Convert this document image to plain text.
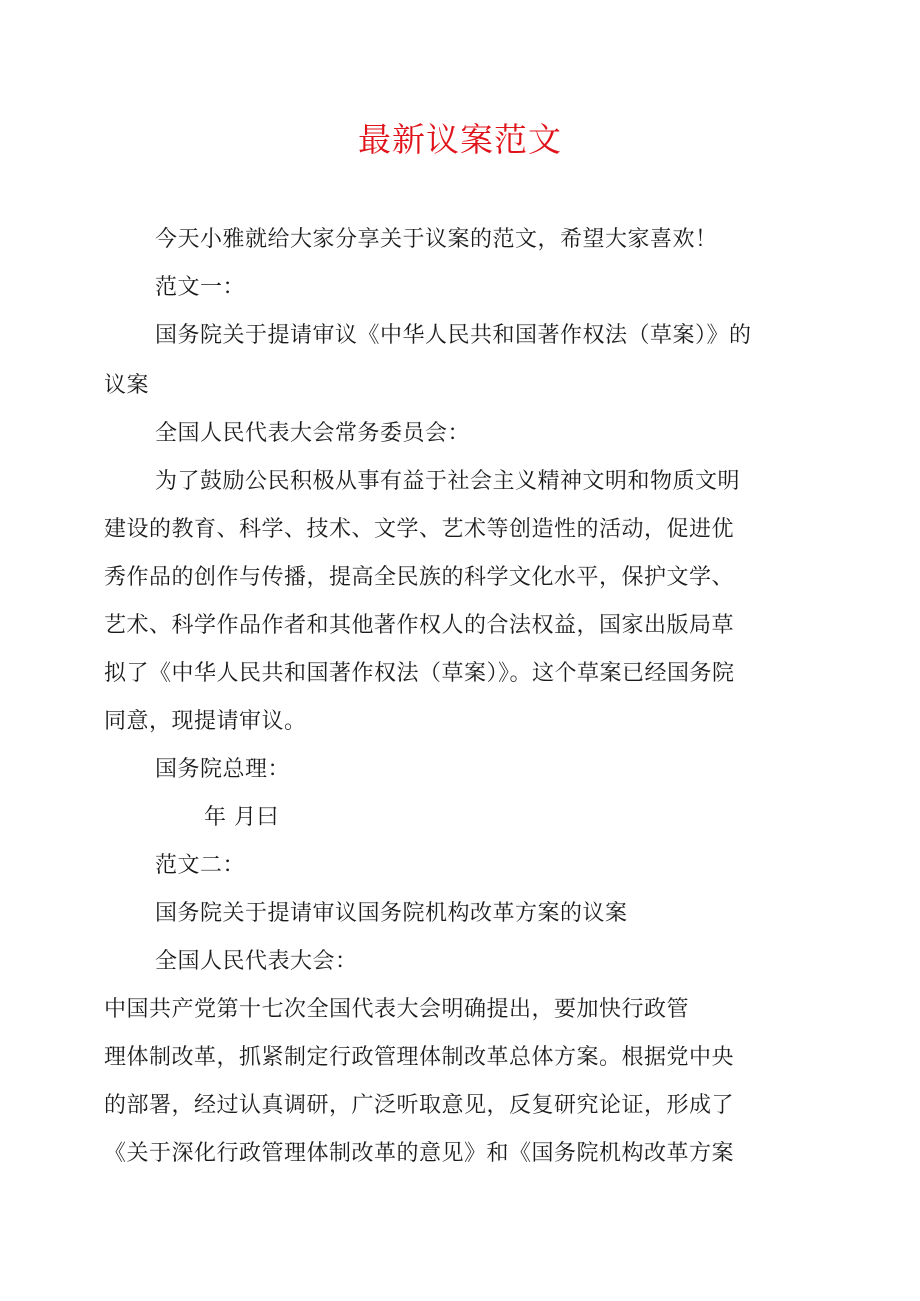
最新议案范文
今天小雅就给大家分享关于议案的范文，希望大家喜欢！
范文一：
国务院关于提请审议《中华人民共和国著作权法（草案）》的
议案
全国人民代表大会常务委员会：
为了鼓励公民积极从事有益于社会主义精神文明和物质文明
建设的教育、科学、技术、文学、艺术等创造性的活动，促进优
秀作品的创作与传播，提高全民族的科学文化水平，保护文学、
艺术、科学作品作者和其他著作权人的合法权益，国家出版局草
拟了《中华人民共和国著作权法（草案）》。这个草案已经国务院
同意，现提请审议。
国务院总理：
年 月曰
范文二：
国务院关于提请审议国务院机构改革方案的议案
全国人民代表大会：
中国共产党第十七次全国代表大会明确提出，要加快行政管
理体制改革，抓紧制定行政管理体制改革总体方案。根据党中央
的部署，经过认真调研，广泛听取意见，反复研究论证，形成了
《关于深化行政管理体制改革的意见》和《国务院机构改革方案
